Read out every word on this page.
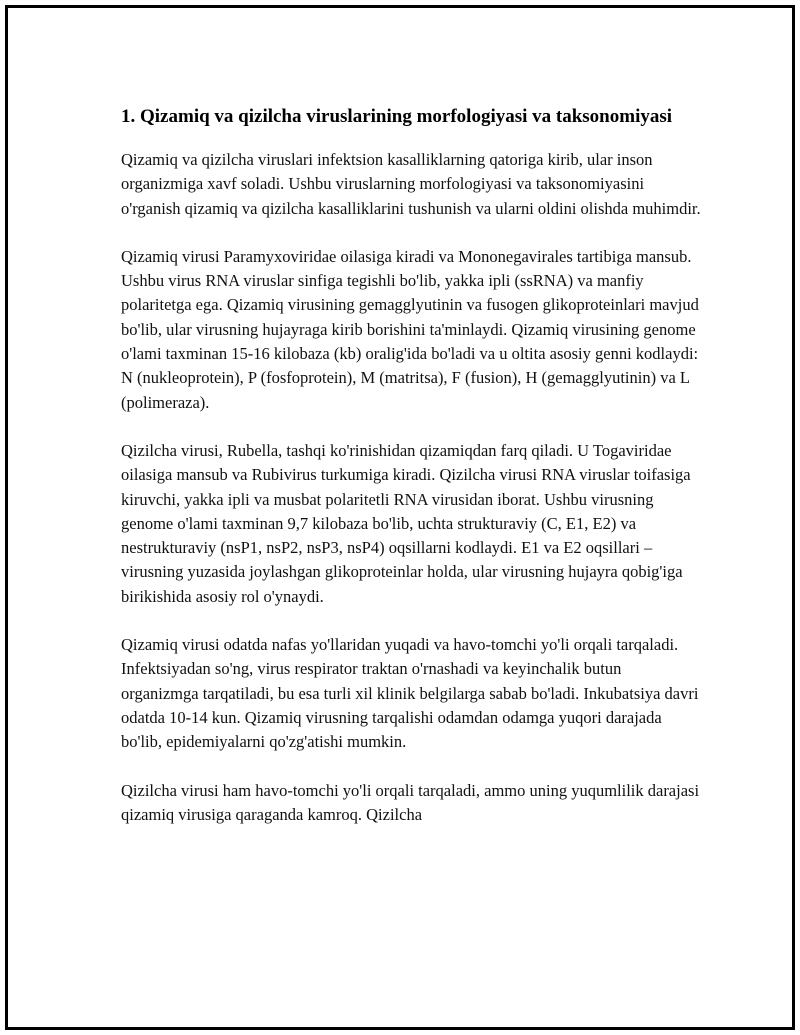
1. Qizamiq va qizilcha viruslarining morfologiyasi va taksonomiyasi

Qizamiq va qizilcha viruslari infektsion kasalliklarning qatoriga kirib, ular inson organizmiga xavf soladi. Ushbu viruslarning morfologiyasi va taksonomiyasini o'rganish qizamiq va qizilcha kasalliklarini tushunish va ularni oldini olishda muhimdir.

Qizamiq virusi Paramyxoviridae oilasiga kiradi va Mononegavirales tartibiga mansub. Ushbu virus RNA viruslar sinfiga tegishli bo'lib, yakka ipli (ssRNA) va manfiy polaritetga ega. Qizamiq virusining gemagglyutinin va fusogen glikoproteinlari mavjud bo'lib, ular virusning hujayraga kirib borishini ta'minlaydi. Qizamiq virusining genome o'lami taxminan 15-16 kilobaza (kb) oralig'ida bo'ladi va u oltita asosiy genni kodlaydi: N (nukleoprotein), P (fosfoprotein), M (matritsa), F (fusion), H (gemagglyutinin) va L (polimeraza).

Qizilcha virusi, Rubella, tashqi ko'rinishidan qizamiqdan farq qiladi. U Togaviridae oilasiga mansub va Rubivirus turkumiga kiradi. Qizilcha virusi RNA viruslar toifasiga kiruvchi, yakka ipli va musbat polaritetli RNA virusidan iborat. Ushbu virusning genome o'lami taxminan 9,7 kilobaza bo'lib, uchta strukturaviy (C, E1, E2) va nestrukturaviy (nsP1, nsP2, nsP3, nsP4) oqsillarni kodlaydi. E1 va E2 oqsillari – virusning yuzasida joylashgan glikoproteinlar holda, ular virusning hujayra qobig'iga birikishida asosiy rol o'ynaydi.

Qizamiq virusi odatda nafas yo'llaridan yuqadi va havo-tomchi yo'li orqali tarqaladi. Infektsiyadan so'ng, virus respirator traktan o'rnashadi va keyinchalik butun organizmga tarqatiladi, bu esa turli xil klinik belgilarga sabab bo'ladi. Inkubatsiya davri odatda 10-14 kun. Qizamiq virusning tarqalishi odamdan odamga yuqori darajada bo'lib, epidemiyalarni qo'zg'atishi mumkin.

Qizilcha virusi ham havo-tomchi yo'li orqali tarqaladi, ammo uning yuqumlilik darajasi qizamiq virusiga qaraganda kamroq. Qizilcha
